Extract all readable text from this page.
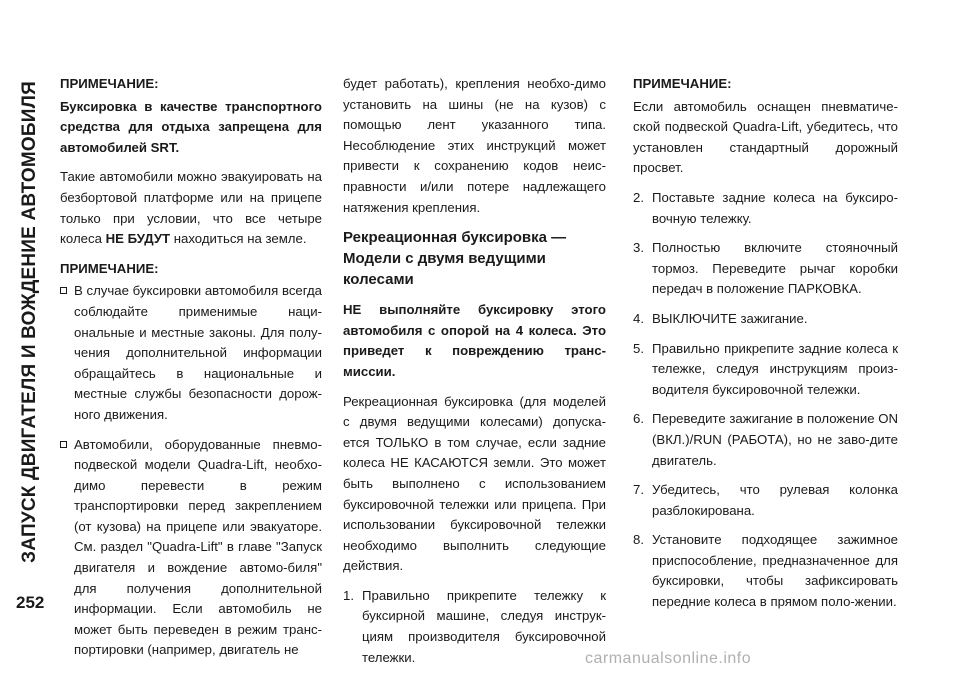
ЗАПУСК ДВИГАТЕЛЯ И ВОЖДЕНИЕ АВТОМОБИЛЯ
252

ПРИМЕЧАНИЕ:

Буксировка в качестве транспортного средства для отдыха запрещена для автомобилей SRT.

Такие автомобили можно эвакуировать на безбортовой платформе или на прицепе только при условии, что все четыре колеса НЕ БУДУТ находиться на земле.

ПРИМЕЧАНИЕ:

В случае буксировки автомобиля всегда соблюдайте применимые наци-ональные и местные законы. Для полу-чения дополнительной информации обращайтесь в национальные и местные службы безопасности дорож-ного движения.
Автомобили, оборудованные пневмо-подвеской модели Quadra-Lift, необхо-димо перевести в режим транспортировки перед закреплением (от кузова) на прицепе или эвакуаторе. См. раздел "Quadra-Lift" в главе "Запуск двигателя и вождение автомо-биля" для получения дополнительной информации. Если автомобиль не может быть переведен в режим транс-портировки (например, двигатель не

будет работать), крепления необхо-димо установить на шины (не на кузов) с помощью лент указанного типа. Несоблюдение этих инструкций может привести к сохранению кодов неис-правности и/или потере надлежащего натяжения крепления.

Рекреационная буксировка — Модели с двумя ведущими колесами

НЕ выполняйте буксировку этого автомобиля с опорой на 4 колеса. Это приведет к повреждению транс-миссии.

Рекреационная буксировка (для моделей с двумя ведущими колесами) допуска-ется ТОЛЬКО в том случае, если задние колеса НЕ КАСАЮТСЯ земли. Это может быть выполнено с использованием буксировочной тележки или прицепа. При использовании буксировочной тележки необходимо выполнить следующие действия.

1. Правильно прикрепите тележку к буксирной машине, следуя инструк-циям производителя буксировочной тележки.

ПРИМЕЧАНИЕ:

Если автомобиль оснащен пневматиче-ской подвеской Quadra-Lift, убедитесь, что установлен стандартный дорожный просвет.

2. Поставьте задние колеса на буксиро-вочную тележку.
3. Полностью включите стояночный тормоз. Переведите рычаг коробки передач в положение ПАРКОВКА.
4. ВЫКЛЮЧИТЕ зажигание.
5. Правильно прикрепите задние колеса к тележке, следуя инструкциям произ-водителя буксировочной тележки.
6. Переведите зажигание в положение ON (ВКЛ.)/RUN (РАБОТА), но не заво-дите двигатель.
7. Убедитесь, что рулевая колонка разблокирована.
8. Установите подходящее зажимное приспособление, предназначенное для буксировки, чтобы зафиксировать передние колеса в прямом поло-жении.
carmanualsonline.info
